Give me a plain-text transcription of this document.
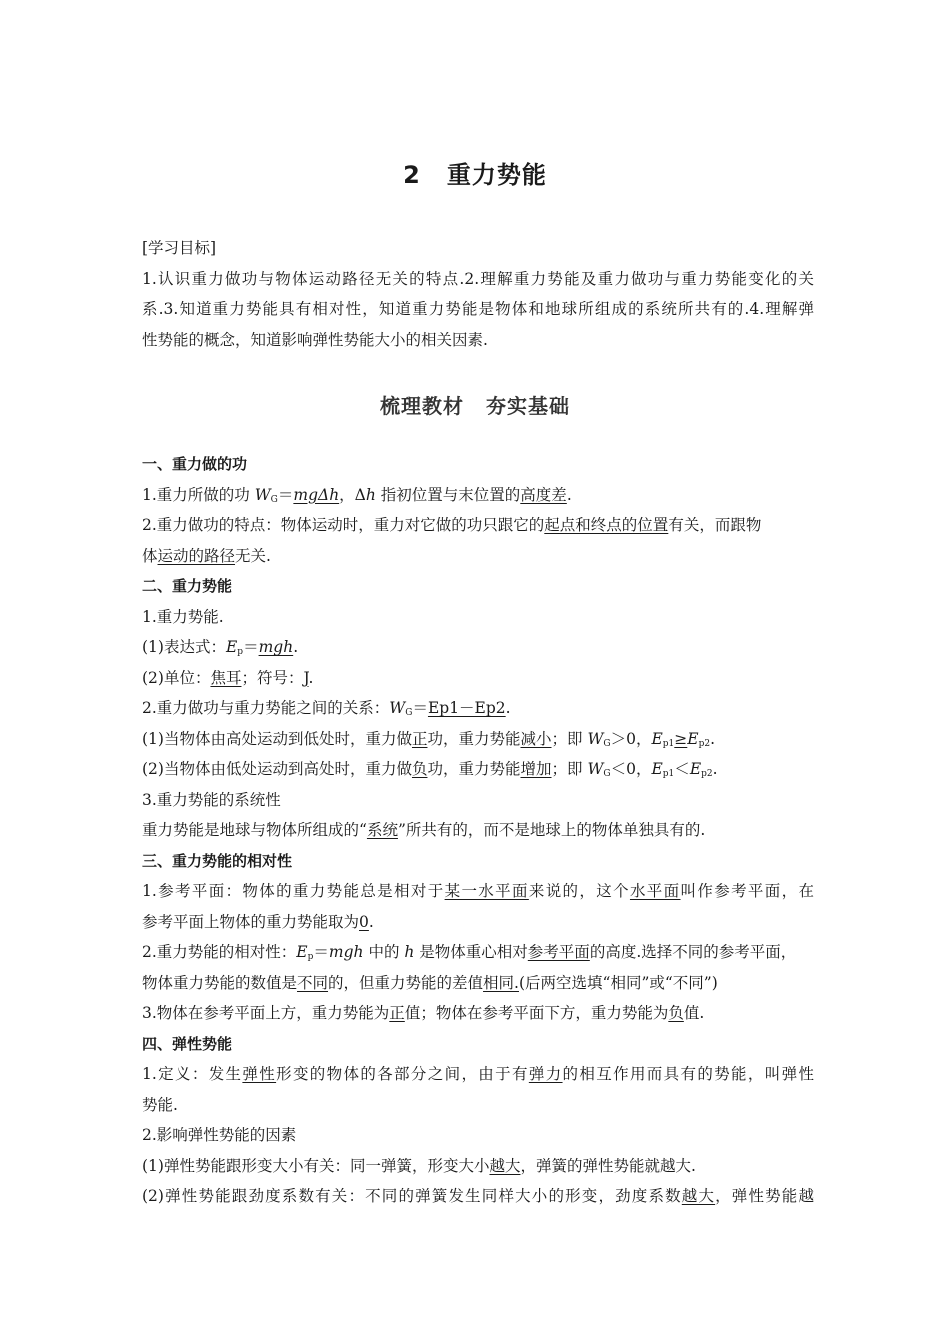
2 重力势能
[学习目标]
1.认识重力做功与物体运动路径无关的特点.2.理解重力势能及重力做功与重力势能变化的关
系.3.知道重力势能具有相对性，知道重力势能是物体和地球所组成的系统所共有的.4.理解弹
性势能的概念，知道影响弹性势能大小的相关因素.
梳理教材 夯实基础
一、重力做的功
1.重力所做的功 $W_G=mg\Delta h$，Δh 指初位置与末位置的高度差.
2.重力做功的特点：物体运动时，重力对它做的功只跟它的起点和终点的位置有关，而跟物
体运动的路径无关.
二、重力势能
1.重力势能.
(1)表达式：$E_p=mgh$.
(2)单位：焦耳；符号：J.
2.重力做功与重力势能之间的关系：$W_G=Ep1-Ep2$.
(1)当物体由高处运动到低处时，重力做正功，重力势能减小；即 $W_G>0$，$E_{p1}\ge E_{p2}$.
(2)当物体由低处运动到高处时，重力做负功，重力势能增加；即 $W_G<0$，$E_{p1}<E_{p2}$.
3.重力势能的系统性
重力势能是地球与物体所组成的“系统”所共有的，而不是地球上的物体单独具有的.
三、重力势能的相对性
1.参考平面：物体的重力势能总是相对于某一水平面来说的，这个水平面叫作参考平面，在
参考平面上物体的重力势能取为0.
2.重力势能的相对性：$E_p=mgh$ 中的 h 是物体重心相对参考平面的高度.选择不同的参考平面，
物体重力势能的数值是不同的，但重力势能的差值相同.(后两空选填“相同”或“不同”)
3.物体在参考平面上方，重力势能为正值；物体在参考平面下方，重力势能为负值.
四、弹性势能
1.定义：发生弹性形变的物体的各部分之间，由于有弹力的相互作用而具有的势能，叫弹性
势能.
2.影响弹性势能的因素
(1)弹性势能跟形变大小有关：同一弹簧，形变大小越大，弹簧的弹性势能就越大.
(2)弹性势能跟劲度系数有关：不同的弹簧发生同样大小的形变，劲度系数越大，弹性势能越
